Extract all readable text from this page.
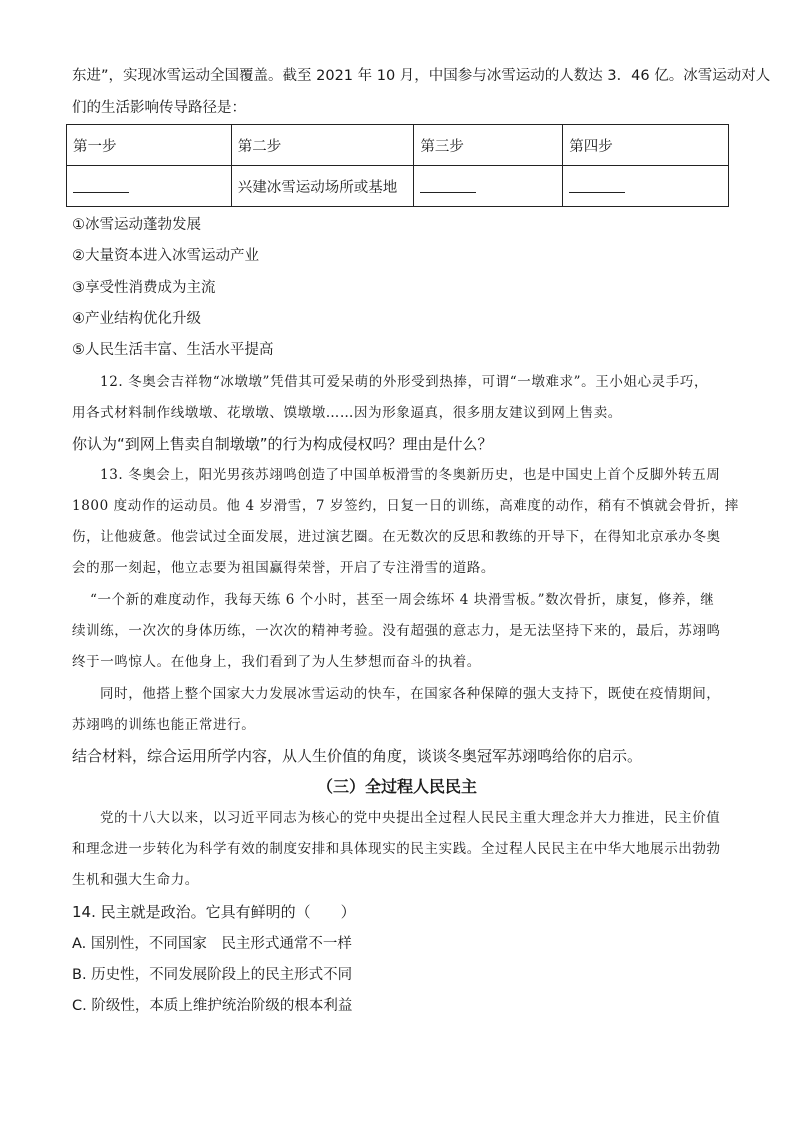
东进”，实现冰雪运动全国覆盖。截至 2021 年 10 月，中国参与冰雪运动的人数达 3．46 亿。冰雪运动对人
们的生活影响传导路径是：
第一步	第二步	第三步	第四步
	兴建冰雪运动场所或基地		
①冰雪运动蓬勃发展
②大量资本进入冰雪运动产业
③享受性消费成为主流
④产业结构优化升级
⑤人民生活丰富、生活水平提高
12. 冬奥会吉祥物“冰墩墩”凭借其可爱呆萌的外形受到热捧，可谓“一墩难求”。王小姐心灵手巧，
用各式材料制作线墩墩、花墩墩、馍墩墩……因为形象逼真，很多朋友建议到网上售卖。
你认为“到网上售卖自制墩墩”的行为构成侵权吗？理由是什么？
13. 冬奥会上，阳光男孩苏翊鸣创造了中国单板滑雪的冬奥新历史，也是中国史上首个反脚外转五周
1800 度动作的运动员。他 4 岁滑雪，7 岁签约，日复一日的训练，高难度的动作，稍有不慎就会骨折，摔
伤，让他疲惫。他尝试过全面发展，进过演艺圈。在无数次的反思和教练的开导下，在得知北京承办冬奥
会的那一刻起，他立志要为祖国赢得荣誉，开启了专注滑雪的道路。
“一个新的难度动作，我每天练 6 个小时，甚至一周会练坏 4 块滑雪板。”数次骨折，康复，修养，继
续训练，一次次的身体历练，一次次的精神考验。没有超强的意志力，是无法坚持下来的，最后，苏翊鸣
终于一鸣惊人。在他身上，我们看到了为人生梦想而奋斗的执着。
同时，他搭上整个国家大力发展冰雪运动的快车，在国家各种保障的强大支持下，既使在疫情期间，
苏翊鸣的训练也能正常进行。
结合材料，综合运用所学内容，从人生价值的角度，谈谈冬奥冠军苏翊鸣给你的启示。
（三）全过程人民民主
党的十八大以来，以习近平同志为核心的党中央提出全过程人民民主重大理念并大力推进，民主价值
和理念进一步转化为科学有效的制度安排和具体现实的民主实践。全过程人民民主在中华大地展示出勃勃
生机和强大生命力。
14. 民主就是政治。它具有鲜明的（　　）
A. 国别性，不同国家　民主形式通常不一样
B. 历史性，不同发展阶段上的民主形式不同
C. 阶级性，本质上维护统治阶级的根本利益
